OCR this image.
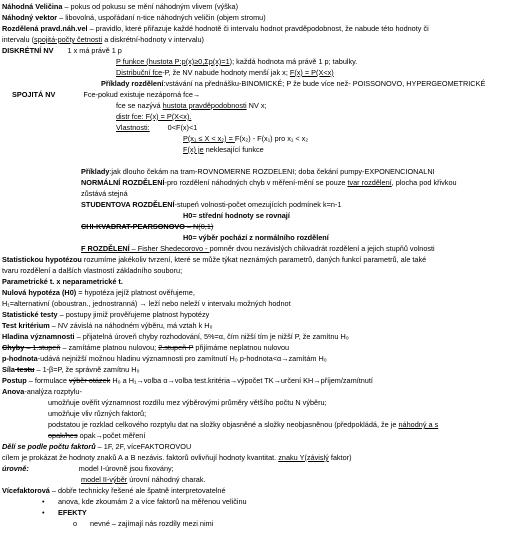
Náhodná Veličina – pokus od pokusu se mění náhodným vlivem (výška)
Náhodný vektor – libovolná, uspořádaní n-tice náhodných veličin (objem stromu)
Rozdělená pravd.náh.vel – pravidlo, které přiřazuje každé hodnotě či intervalu hodnot pravděpodobnost, že nabude této hodnoty či
intervalu (spojitá-počty četnosti a diskrétní-hodnoty v intervalu)
DISKRÉTNÍ NV 1 x má právě 1 p
P funkce (hustota P:p(x)≥0,Σp(x)=1); každá hodnota má právě 1 p; tabulky.
Distribuční fce-P, že NV nabude hodnoty menší jak x; F(x) = P(X<x)
Příklady rozdělení:vstávání na přednášku-BINOMICKÉ; P že bude více než- POISSONOVO, HYPERGEOMETRICKÉ
SPOJITÁ NV	Fce-pokud existuje nezáporná fce→
fce se nazývá hustota pravděpodobnosti NV x;
distr fce: F(x) = P(X<x).
Vlastnosti: 0<F(x)<1
P(x₁ ≤ X < x₂) = F(x₂) - F(x₁) pro x₁ < x₂
F(x) je neklesající funkce
Příklady:jak dlouho čekám na tram-ROVNOMERNE ROZDELENI; doba čekání pumpy-EXPONENCIONALNI
NORMÁLNÍ ROZDĚLENÍ-pro rozdělení náhodných chyb v měření-mění se pouze tvar rozdělení, plocha pod křivkou
zůstává stejná
STUDENTOVA ROZDĚLENÍ-stupeň volnosti-počet omezujících podmínek k=n-1
H0= střední hodnoty se rovnají
CHI-KVADRAT-PEARSONOVO – N(0,1)
H0= výběr pochází z normálního rozdělení
F ROZDĚLENÍ – Fisher Shedecorovo - pomněr dvou nezávislých chikvadrát rozdělení a jejich stupňů volnosti
Statistickou hypotézou rozumíme jakékoliv tvrzení, které se může týkat neznámých parametrů, daných funkcí parametrů, ale také
tvaru rozdělení a dalších vlastností základního souboru;
Parametrické t. x neparametrické t.
Nulová hypotéza (H0) = hypotéza jejíž platnost ověřujeme,
H₁=alternativní (oboustran., jednostranná) → leží nebo neleží v intervalu možných hodnot
Statistické testy – postupy jimiž prověřujeme platnost hypotézy
Test kritérium – NV závislá na náhodném výběru, má vztah k H₀
Hladina významnosti – přijatelná úroveň chyby rozhodování, 5%=α, čím nižší tím je nižší P, že zamítnu H₀
Chyby – 1.stupeň – zamítáme platnou nulovou; 2.stupeň-P přijímáme neplatnou nulovou
p-hodnota-udává nejnižší možnou hladinu významnosti pro zamítnutí H₀ p-hodnota<α→zamítám H₀
Síla testu – 1-β=P, že správně zamítnu H₀
Postup – formulace výběr otázek H₀ a H₁→volba α→volba test.kritéria→výpočet TK→určení KH→příjem/zamítnutí
Anova-analýza rozptylu-
umožňuje ověřit významnost rozdílu mez výběrovými průměry většího počtu N výběru;
umožňuje vliv různých faktorů;
podstatou je rozklad celkového rozptylu dat na složky objasněné a složky neobjasněnou (předpokládá, že je náhodný a s
opak/hes opak→počet měření
Dělí se podle počtu faktorů – 1F, 2F, víceFAKTOROVOU
cílem je prokázat že hodnoty znaků A a B nezávis. faktorů ovlivňují hodnoty kvantitat. znaku Y(závislý faktor)
úrovně:	model I-úrovně jsou fixovány;
model II-výběr úrovní náhodný charak.
Vícefaktorová – dobře technicky řešené ale špatně interpretovatelné
• anova, kde zkoumám 2 a více faktorů na měřenou veličinu
• EFEKTY
o nevné – zajímají nás rozdíly mezi nimi
